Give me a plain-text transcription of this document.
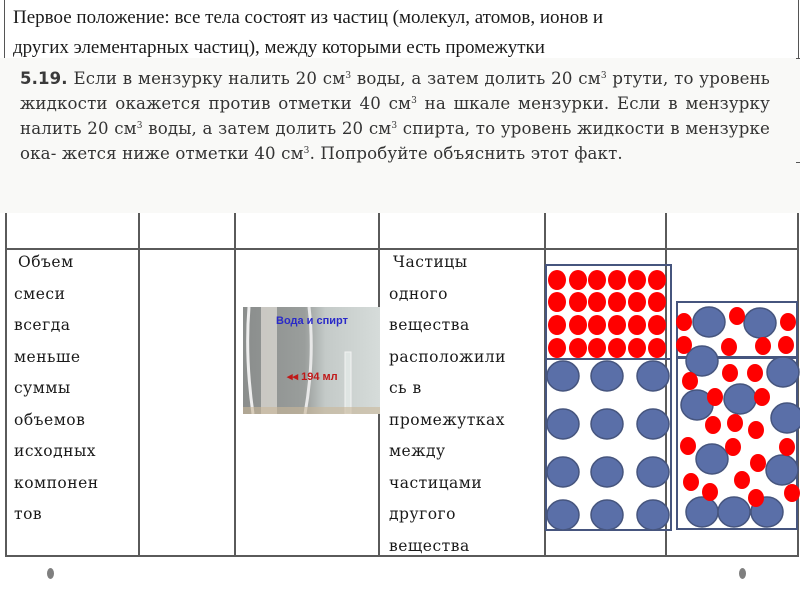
Первое положение: все тела состоят из частиц (молекул, атомов, ионов и
других элементарных частиц), между которыми есть промежутки
5.19. Если в мензурку налить 20 $см^3$ воды, а затем долить 20 $см^3$ ртути, то уровень жидкости окажется против отметки 40 $см^3$ на шкале мензурки. Если в мензурку налить 20 $см^3$ воды, а затем долить 20 $см^3$ спирта, то уровень жидкости в мензурке ока- жется ниже отметки 40 $см^3$. Попробуйте объяснить этот факт.
Объем
смеси
всегда
меньше
суммы
объемов
исходных
компонен
тов
Частицы
одного
вещества
расположили
сь в
промежутках
между
частицами
другого
вещества
Вода и спирт
◂◂ 194 мл
